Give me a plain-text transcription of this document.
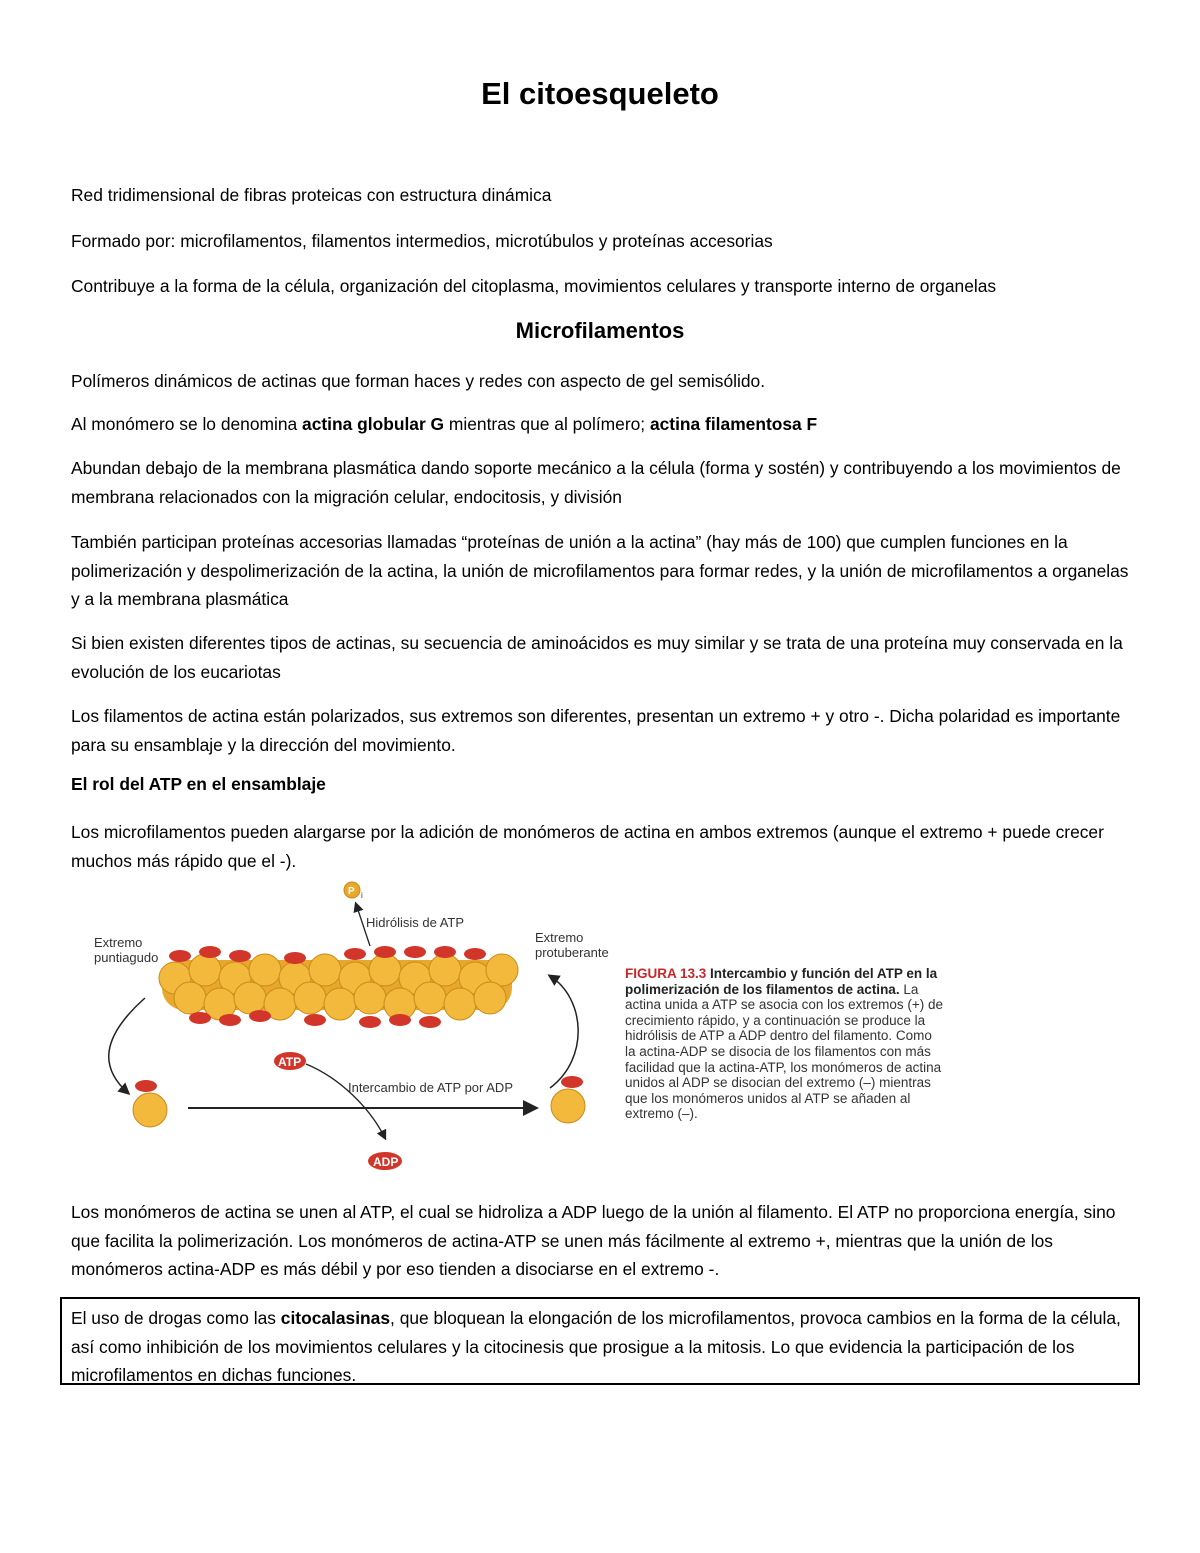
El citoesqueleto
Red tridimensional de fibras proteicas con estructura dinámica
Formado por: microfilamentos, filamentos intermedios, microtúbulos y proteínas accesorias
Contribuye a la forma de la célula, organización del citoplasma, movimientos celulares y transporte interno de organelas
Microfilamentos
Polímeros dinámicos de actinas que forman haces y redes con aspecto de gel semisólido.
Al monómero se lo denomina actina globular G mientras que al polímero; actina filamentosa F
Abundan debajo de la membrana plasmática dando soporte mecánico a la célula (forma y sostén) y contribuyendo a los movimientos de membrana relacionados con la migración celular, endocitosis, y división
También participan proteínas accesorias llamadas “proteínas de unión a la actina” (hay más de 100) que cumplen funciones en la polimerización y despolimerización de la actina, la unión de microfilamentos para formar redes, y la unión de microfilamentos a organelas y a la membrana plasmática
Si bien existen diferentes tipos de actinas, su secuencia de aminoácidos es muy similar y se trata de una proteína muy conservada en la evolución de los eucariotas
Los filamentos de actina están polarizados, sus extremos son diferentes, presentan un extremo + y otro -. Dicha polaridad es importante para su ensamblaje y la dirección del movimiento.
El rol del ATP en el ensamblaje
Los microfilamentos pueden alargarse por la adición de monómeros de actina en ambos extremos (aunque el extremo + puede crecer muchos más rápido que el -).
P i
Hidrólisis de ATP
Extremo
puntiagudo
Extremo
protuberante
Intercambio de ATP por ADP
ATP
ADP
FIGURA 13.3 Intercambio y función del ATP en la polimerización de los filamentos de actina. La actina unida a ATP se asocia con los extremos (+) de crecimiento rápido, y a continuación se produce la hidrólisis de ATP a ADP dentro del filamento. Como la actina-ADP se disocia de los filamentos con más facilidad que la actina-ATP, los monómeros de actina unidos al ADP se disocian del extremo (–) mientras que los monómeros unidos al ATP se añaden al extremo (–).
Los monómeros de actina se unen al ATP, el cual se hidroliza a ADP luego de la unión al filamento. El ATP no proporciona energía, sino que facilita la polimerización. Los monómeros de actina-ATP se unen más fácilmente al extremo +, mientras que la unión de los monómeros actina-ADP es más débil y por eso tienden a disociarse en el extremo -.
El uso de drogas como las citocalasinas, que bloquean la elongación de los microfilamentos, provoca cambios en la forma de la célula, así como inhibición de los movimientos celulares y la citocinesis que prosigue a la mitosis. Lo que evidencia la participación de los microfilamentos en dichas funciones.
